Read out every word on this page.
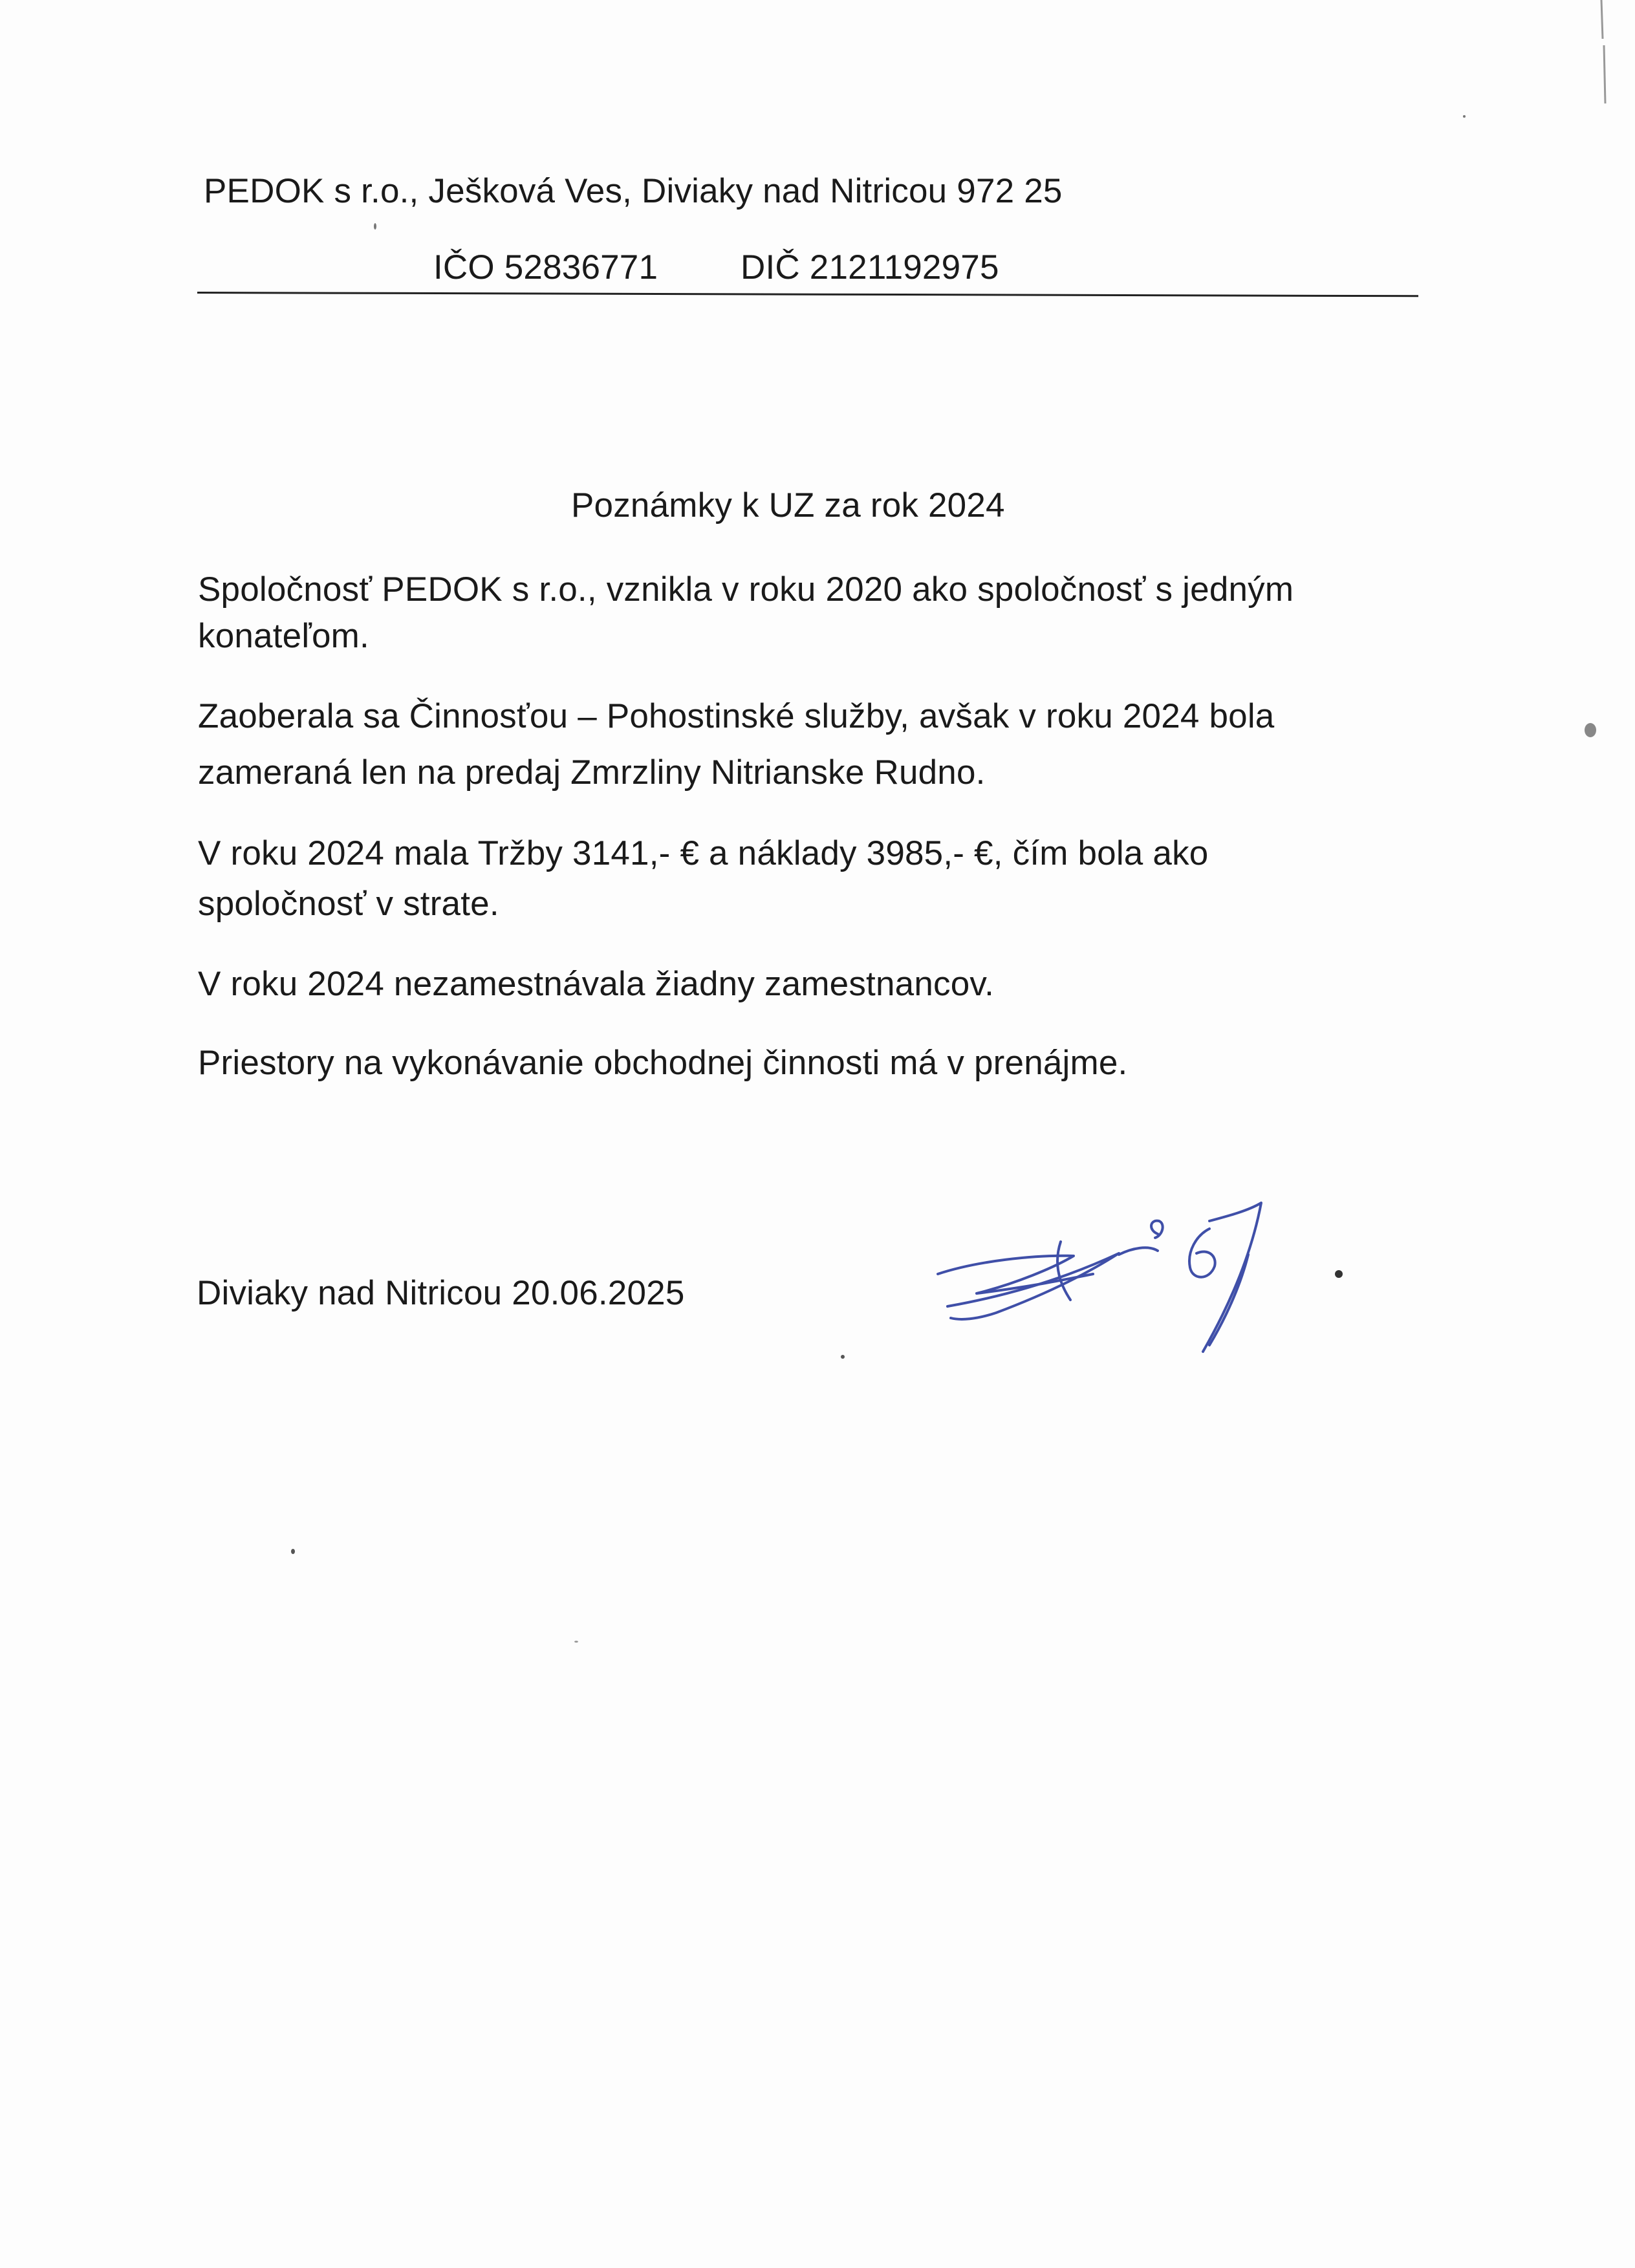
PEDOK s r.o., Ješková Ves, Diviaky nad Nitricou 972 25
IČO 52836771 DIČ 2121192975
Poznámky k UZ za rok 2024
Spoločnosť PEDOK s r.o., vznikla v roku 2020 ako spoločnosť s jedným
konateľom.
Zaoberala sa Činnosťou – Pohostinské služby, avšak v roku 2024 bola
zameraná len na predaj Zmrzliny Nitrianske Rudno.
V roku 2024 mala Tržby 3141,- € a náklady 3985,- €, čím bola ako
spoločnosť v strate.
V roku 2024 nezamestnávala žiadny zamestnancov.
Priestory na vykonávanie obchodnej činnosti má v prenájme.
Diviaky nad Nitricou 20.06.2025
